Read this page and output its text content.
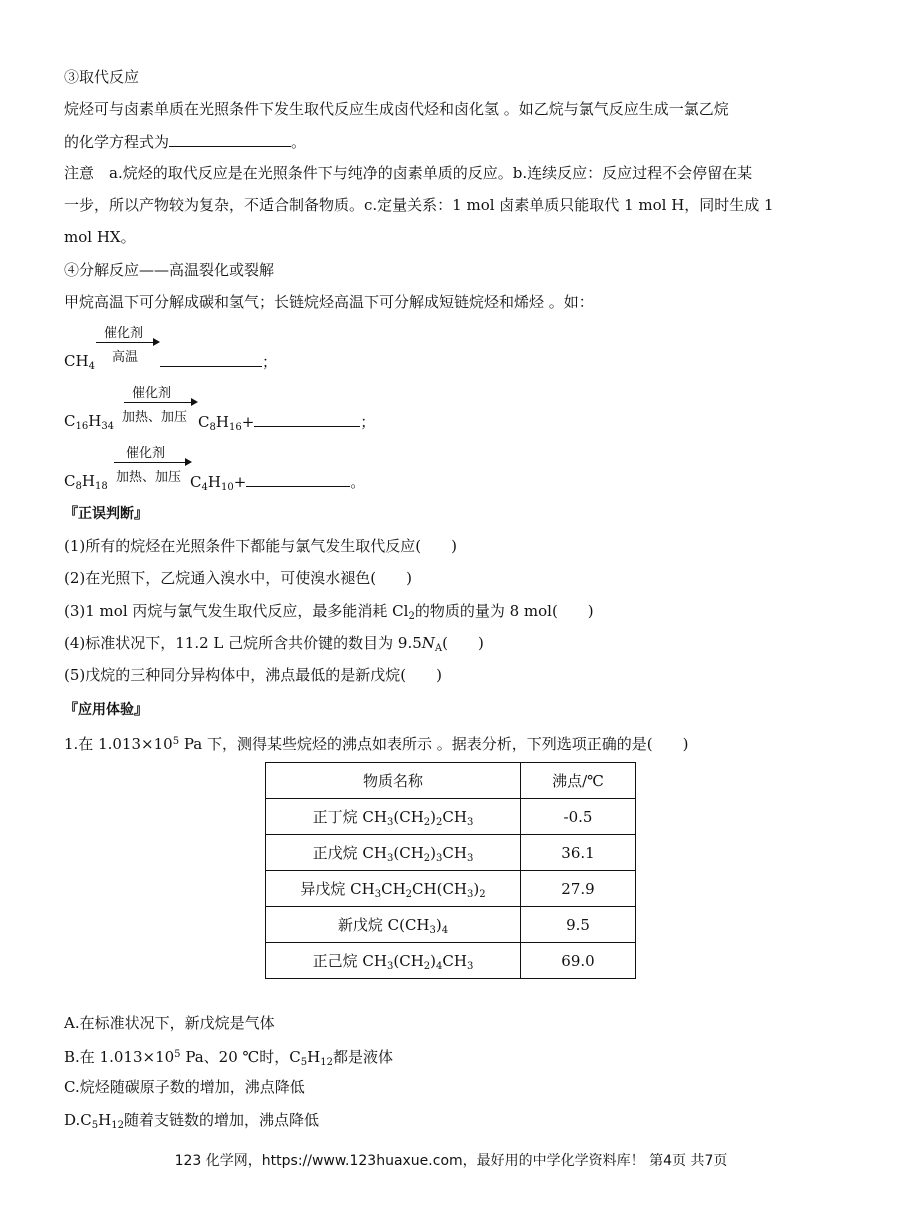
③取代反应
烷烃可与卤素单质在光照条件下发生取代反应生成卤代烃和卤化氢 。如乙烷与氯气反应生成一氯乙烷
的化学方程式为	。
注意　a.烷烃的取代反应是在光照条件下与纯净的卤素单质的反应。b.连续反应：反应过程不会停留在某
一步，所以产物较为复杂，不适合制备物质。c.定量关系：1 mol 卤素单质只能取代 1 mol H，同时生成 1
mol HX。
④分解反应——高温裂化或裂解
甲烷高温下可分解成碳和氢气；长链烷烃高温下可分解成短链烷烃和烯烃 。如：
催化剂
高温
$CH_4$	；
催化剂
加热、加压
$C_{16}H_{34}$	$C_8H_{16}+$	；
催化剂
加热、加压
$C_8H_{18}$	$C_4H_{10}+$	。
『正误判断』
(1)所有的烷烃在光照条件下都能与氯气发生取代反应(　　)
(2)在光照下，乙烷通入溴水中，可使溴水褪色(　　)
(3)1 mol 丙烷与氯气发生取代反应，最多能消耗 $Cl_2$的物质的量为 8 mol(　　)
(4)标准状况下，11.2 L 己烷所含共价键的数目为 $9.5N_A$(　　)
(5)戊烷的三种同分异构体中，沸点最低的是新戊烷(　　)
『应用体验』
1.在 $1.013\times 10^5$ Pa 下，测得某些烷烃的沸点如表所示 。据表分析，下列选项正确的是(　　)
物质名称	沸点/℃
正丁烷 $CH_3(CH_2)_2CH_3$	-0.5
正戊烷 $CH_3(CH_2)_3CH_3$	36.1
异戊烷 $CH_3CH_2CH(CH_3)_2$	27.9
新戊烷 $C(CH_3)_4$	9.5
正己烷 $CH_3(CH_2)_4CH_3$	69.0
A.在标准状况下，新戊烷是气体
B.在 $1.013\times 10^5$ Pa、20 ℃时，$C_5H_{12}$都是液体
C.烷烃随碳原子数的增加，沸点降低
$D.C_5H_{12}$随着支链数的增加，沸点降低
123 化学网，https://www.123huaxue.com，最好用的中学化学资料库！ 第4页 共7页
